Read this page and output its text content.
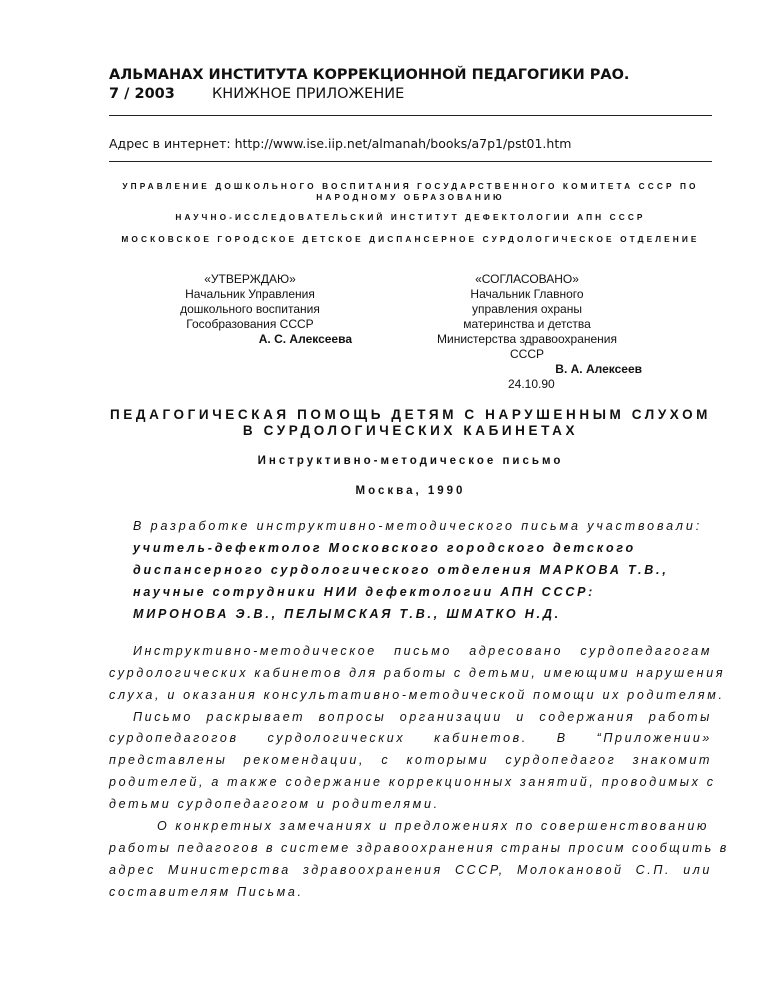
АЛЬМАНАХ ИНСТИТУТА КОРРЕКЦИОННОЙ ПЕДАГОГИКИ РАО.
7 / 2003	КНИЖНОЕ ПРИЛОЖЕНИЕ
Адрес в интернет: http://www.ise.iip.net/almanah/books/a7p1/pst01.htm
УПРАВЛЕНИЕ ДОШКОЛЬНОГО ВОСПИТАНИЯ ГОСУДАРСТВЕННОГО КОМИТЕТА СССР ПО
НАРОДНОМУ ОБРАЗОВАНИЮ
НАУЧНО-ИССЛЕДОВАТЕЛЬСКИЙ ИНСТИТУТ ДЕФЕКТОЛОГИИ АПН СССР
МОСКОВСКОЕ ГОРОДСКОЕ ДЕТСКОЕ ДИСПАНСЕРНОЕ СУРДОЛОГИЧЕСКОЕ ОТДЕЛЕНИЕ
«УТВЕРЖДАЮ»
Начальник Управления
дошкольного воспитания
Гособразования СССР
А. С. Алексеева
«СОГЛАСОВАНО»
Начальник Главного
управления охраны
материнства и детства
Министерства здравоохранения
СССР
В. А. Алексеев
24.10.90
ПЕДАГОГИЧЕСКАЯ ПОМОЩЬ ДЕТЯМ С НАРУШЕННЫМ СЛУХОМ
В СУРДОЛОГИЧЕСКИХ КАБИНЕТАХ
Инструктивно-методическое письмо
Москва, 1990
В разработке инструктивно-методического письма участвовали:
учитель-дефектолог Московского городского детского
диспансерного сурдологического отделения МАРКОВА Т.В.,
научные сотрудники НИИ дефектологии АПН СССР:
МИРОНОВА Э.В., ПЕЛЫМСКАЯ Т.В., ШМАТКО Н.Д.
Инструктивно-методическое письмо адресовано сурдопедагогам
сурдологических кабинетов для работы с детьми, имеющими нарушения
слуха, и оказания консультативно-методической помощи их родителям.
Письмо раскрывает вопросы организации и содержания работы
сурдопедагогов сурдологических кабинетов. В “Приложении»
представлены рекомендации, с которыми сурдопедагог знакомит
родителей, а также содержание коррекционных занятий, проводимых с
детьми сурдопедагогом и родителями.
О конкретных замечаниях и предложениях по совершенствованию
работы педагогов в системе здравоохранения страны просим сообщить в
адрес Министерства здравоохранения СССР, Молокановой С.П. или
составителям Письма.
